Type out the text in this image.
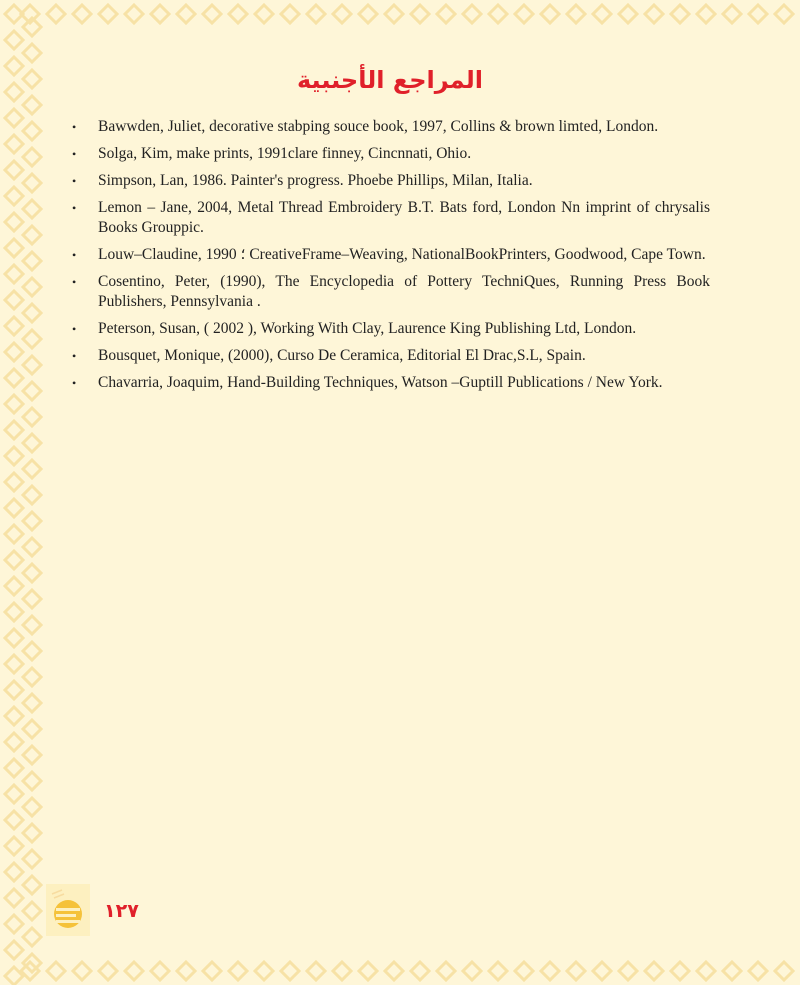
المراجع الأجنبية
• Bawwden, Juliet, decorative stabping souce book, 1997, Collins & brown limted, London.
• Solga, Kim, make prints, 1991clare finney, Cincnnati, Ohio.
• Simpson, Lan, 1986. Painter's progress. Phoebe Phillips, Milan, Italia.
• Lemon – Jane, 2004, Metal Thread Embroidery B.T. Bats ford, London Nn imprint of chrysalis Books Grouppic.
• Louw–Claudine, 1990 ؛ CreativeFrame–Weaving, NationalBookPrinters, Goodwood, Cape Town.
• Cosentino, Peter, (1990), The Encyclopedia of Pottery TechniQues, Running Press Book Publishers, Pennsylvania .
• Peterson, Susan, ( 2002 ), Working With Clay, Laurence King Publishing Ltd, London.
• Bousquet, Monique, (2000), Curso De Ceramica, Editorial El Drac,S.L, Spain.
• Chavarria, Joaquim, Hand-Building Techniques, Watson –Guptill Publications / New York.
١٢٧
